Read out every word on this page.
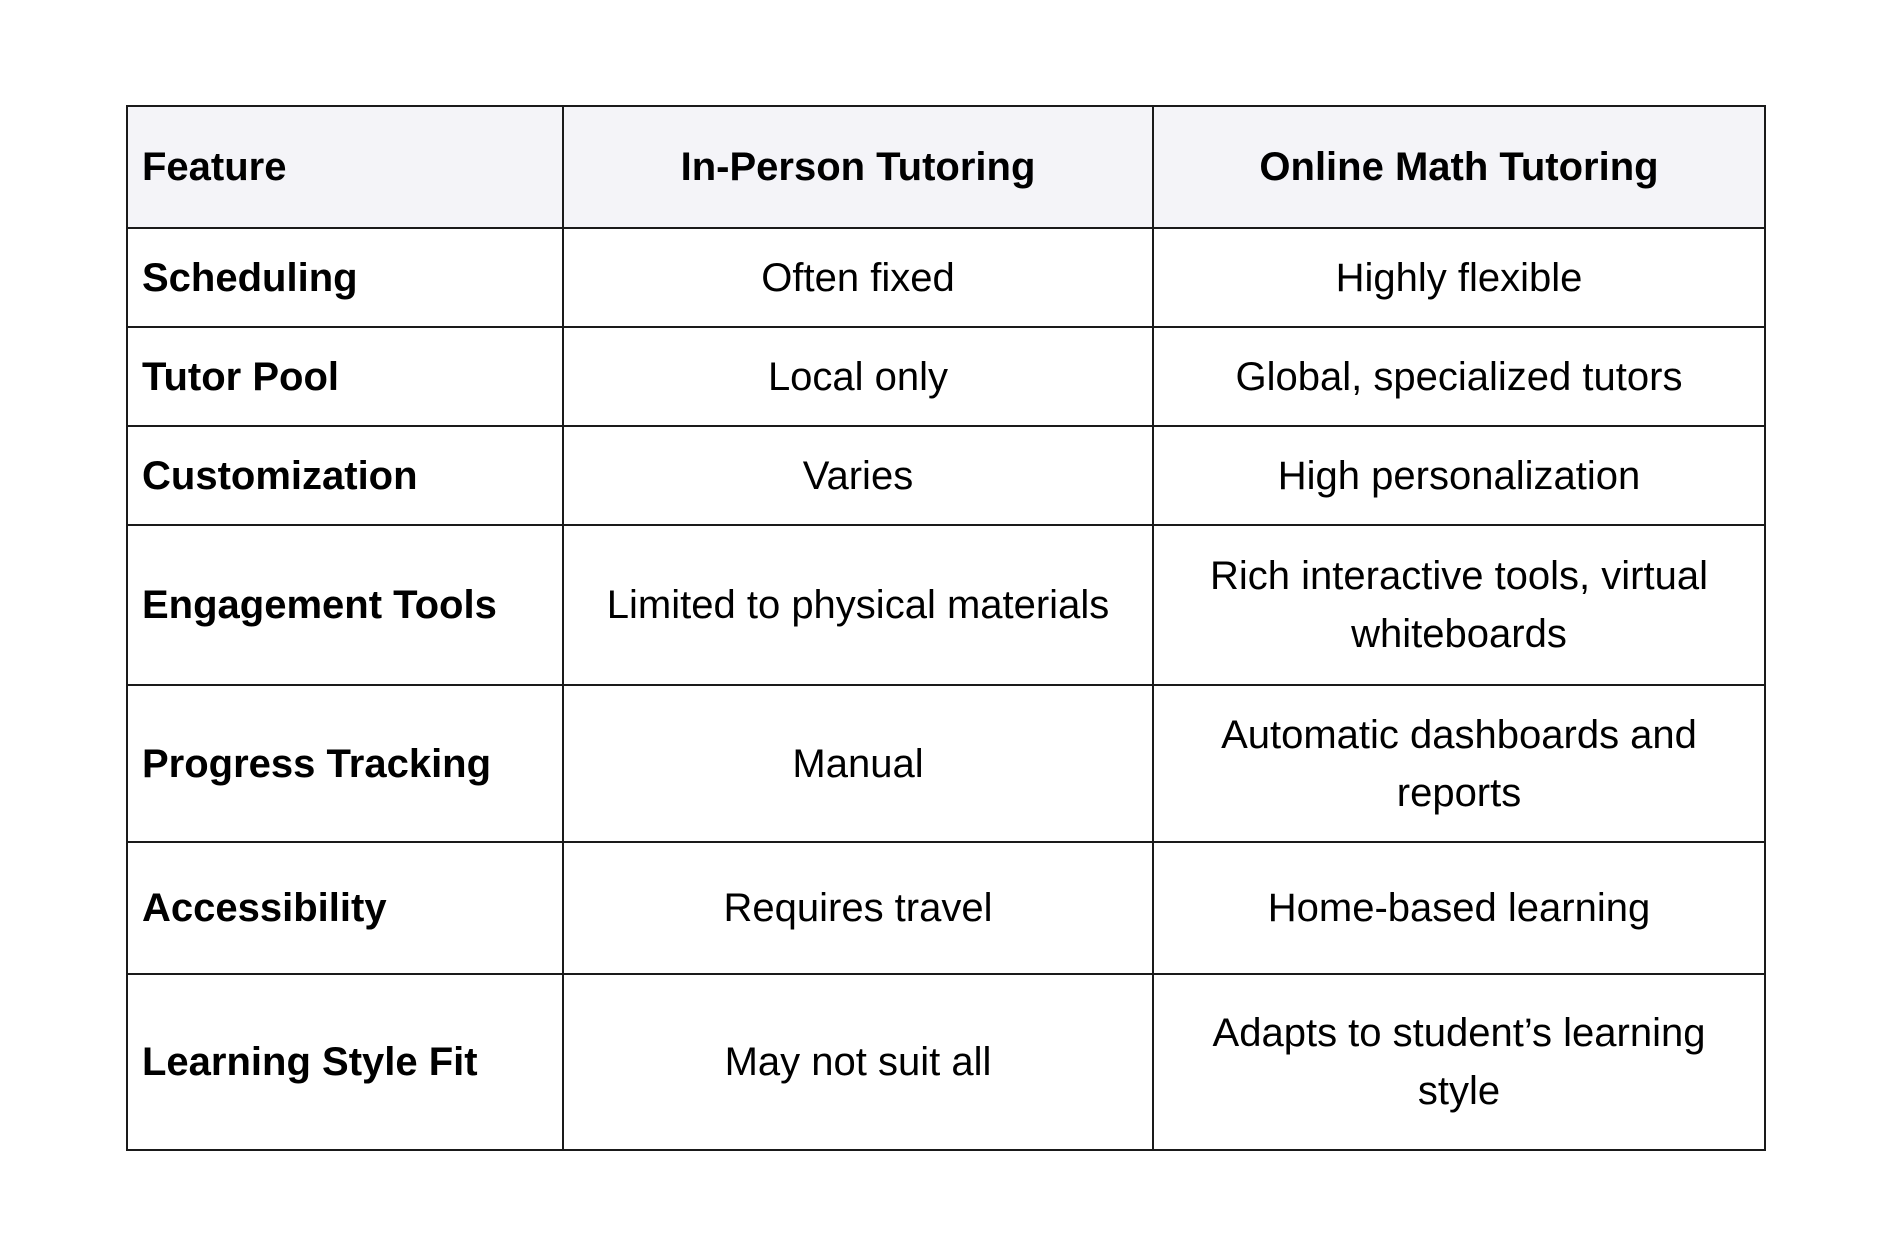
Feature	In-Person Tutoring	Online Math Tutoring
Scheduling	Often fixed	Highly flexible
Tutor Pool	Local only	Global, specialized tutors
Customization	Varies	High personalization
Engagement Tools	Limited to physical materials	Rich interactive tools, virtual whiteboards
Progress Tracking	Manual	Automatic dashboards and reports
Accessibility	Requires travel	Home-based learning
Learning Style Fit	May not suit all	Adapts to student’s learning style
